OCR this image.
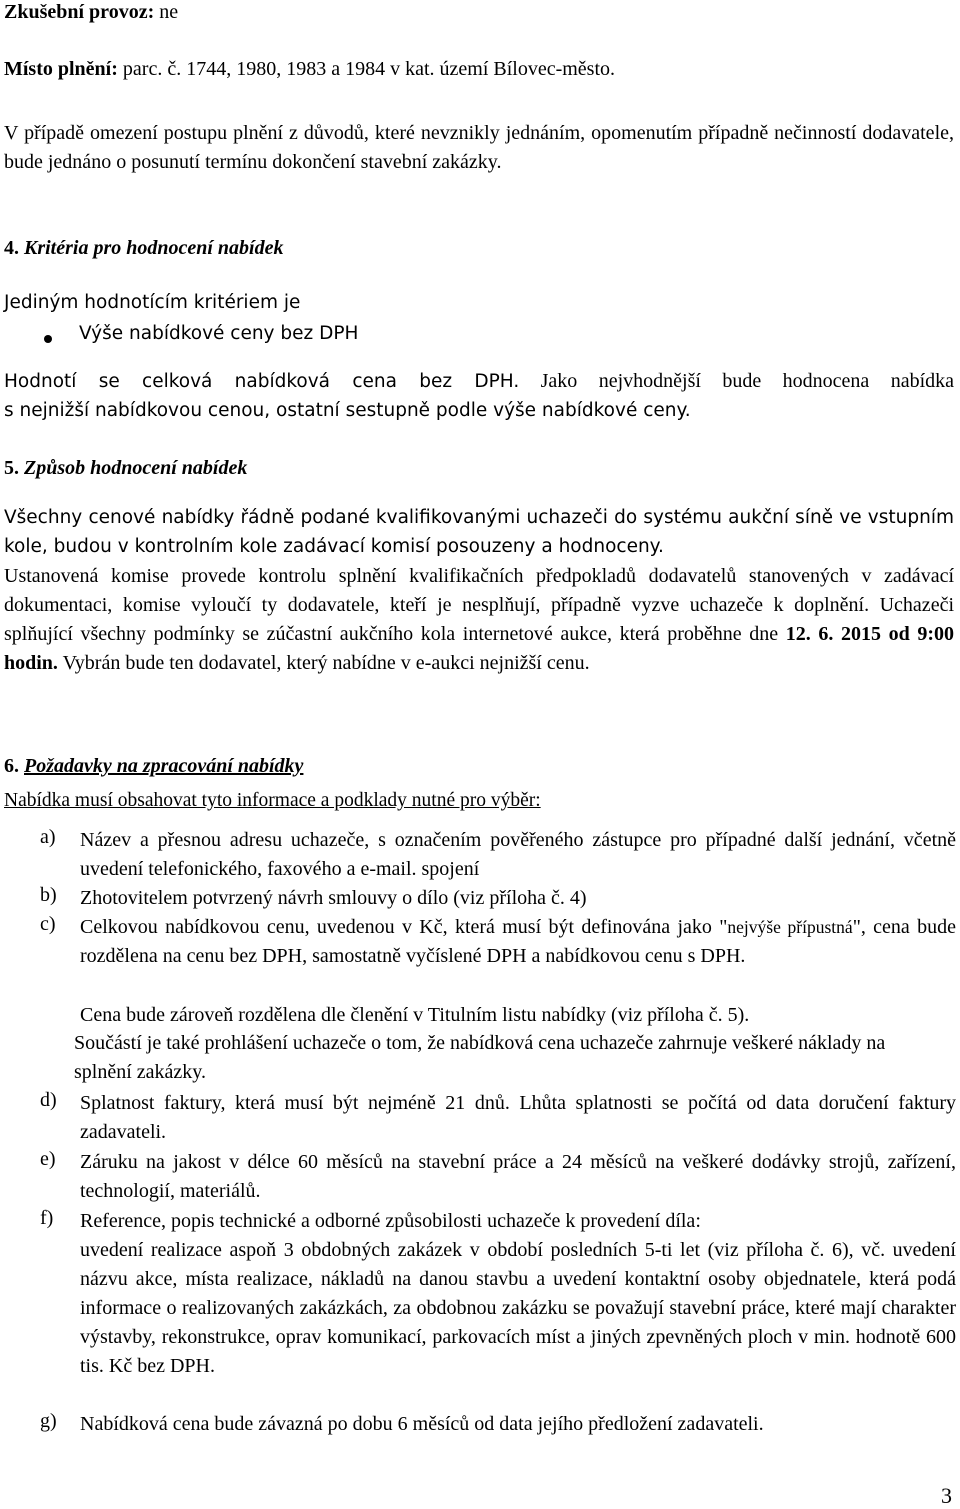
Zkušební provoz: ne
Místo plnění: parc. č. 1744, 1980, 1983 a 1984 v kat. území Bílovec-město.
V případě omezení postupu plnění z důvodů, které nevznikly jednáním, opomenutím případně nečinností dodavatele, bude jednáno o posunutí termínu dokončení stavební zakázky.
4. Kritéria pro hodnocení nabídek
Jediným hodnotícím kritériem je
Výše nabídkové ceny bez DPH
Hodnotí se celková nabídková cena bez DPH. Jako nejvhodnější bude hodnocena nabídka
s nejnižší nabídkovou cenou, ostatní sestupně podle výše nabídkové ceny.
5. Způsob hodnocení nabídek
Všechny cenové nabídky řádně podané kvalifikovanými uchazeči do systému aukční síně ve vstupním kole, budou v kontrolním kole zadávací komisí posouzeny a hodnoceny.
Ustanovená komise provede kontrolu splnění kvalifikačních předpokladů dodavatelů stanovených v zadávací dokumentaci, komise vyloučí ty dodavatele, kteří je nesplňují, případně vyzve uchazeče k doplnění. Uchazeči splňující všechny podmínky se zúčastní aukčního kola internetové aukce, která proběhne dne 12. 6. 2015 od 9:00 hodin. Vybrán bude ten dodavatel, který nabídne v e-aukci nejnižší cenu.
6. Požadavky na zpracování nabídky
Nabídka musí obsahovat tyto informace a podklady nutné pro výběr:
a)	Název a přesnou adresu uchazeče, s označením pověřeného zástupce pro případné další jednání, včetně uvedení telefonického, faxového a e-mail. spojení
b)	Zhotovitelem potvrzený návrh smlouvy o dílo (viz příloha č. 4)
c)	Celkovou nabídkovou cenu, uvedenou v Kč, která musí být definována jako "nejvýše přípustná", cena bude rozdělena na cenu bez DPH, samostatně vyčíslené DPH a nabídkovou cenu s DPH.
Cena bude zároveň rozdělena dle členění v Titulním listu nabídky (viz příloha č. 5).
Součástí je také prohlášení uchazeče o tom, že nabídková cena uchazeče zahrnuje veškeré náklady na splnění zakázky.
d)	Splatnost faktury, která musí být nejméně 21 dnů. Lhůta splatnosti se počítá od data doručení faktury zadavateli.
e)	Záruku na jakost v délce 60 měsíců na stavební práce a 24 měsíců na veškeré dodávky strojů, zařízení, technologií, materiálů.
f)	Reference, popis technické a odborné způsobilosti uchazeče k provedení díla:
uvedení realizace aspoň 3 obdobných zakázek v období posledních 5-ti let (viz příloha č. 6), vč. uvedení názvu akce, místa realizace, nákladů na danou stavbu a uvedení kontaktní osoby objednatele, která podá informace o realizovaných zakázkách, za obdobnou zakázku se považují stavební práce, které mají charakter výstavby, rekonstrukce, oprav komunikací, parkovacích míst a jiných zpevněných ploch v min. hodnotě 600 tis. Kč bez DPH.
g)	Nabídková cena bude závazná po dobu 6 měsíců od data jejího předložení zadavateli.
3
